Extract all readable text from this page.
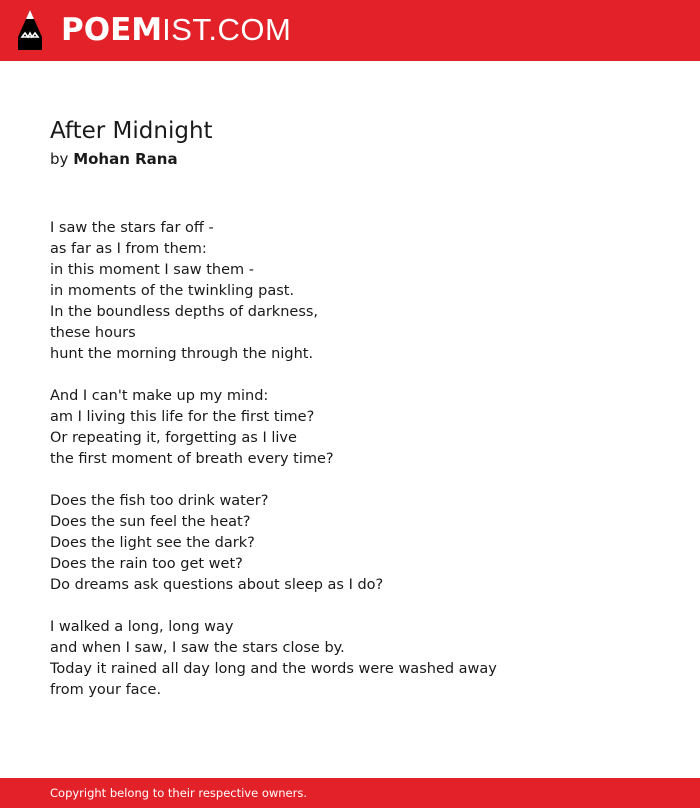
POEMIST.COM
After Midnight
by Mohan Rana
I saw the stars far off -
as far as I from them:
in this moment I saw them -
in moments of the twinkling past.
In the boundless depths of darkness,
these hours
hunt the morning through the night.
And I can't make up my mind:
am I living this life for the first time?
Or repeating it, forgetting as I live
the first moment of breath every time?
Does the fish too drink water?
Does the sun feel the heat?
Does the light see the dark?
Does the rain too get wet?
Do dreams ask questions about sleep as I do?
I walked a long, long way
and when I saw, I saw the stars close by.
Today it rained all day long and the words were washed away
from your face.
Copyright belong to their respective owners.
